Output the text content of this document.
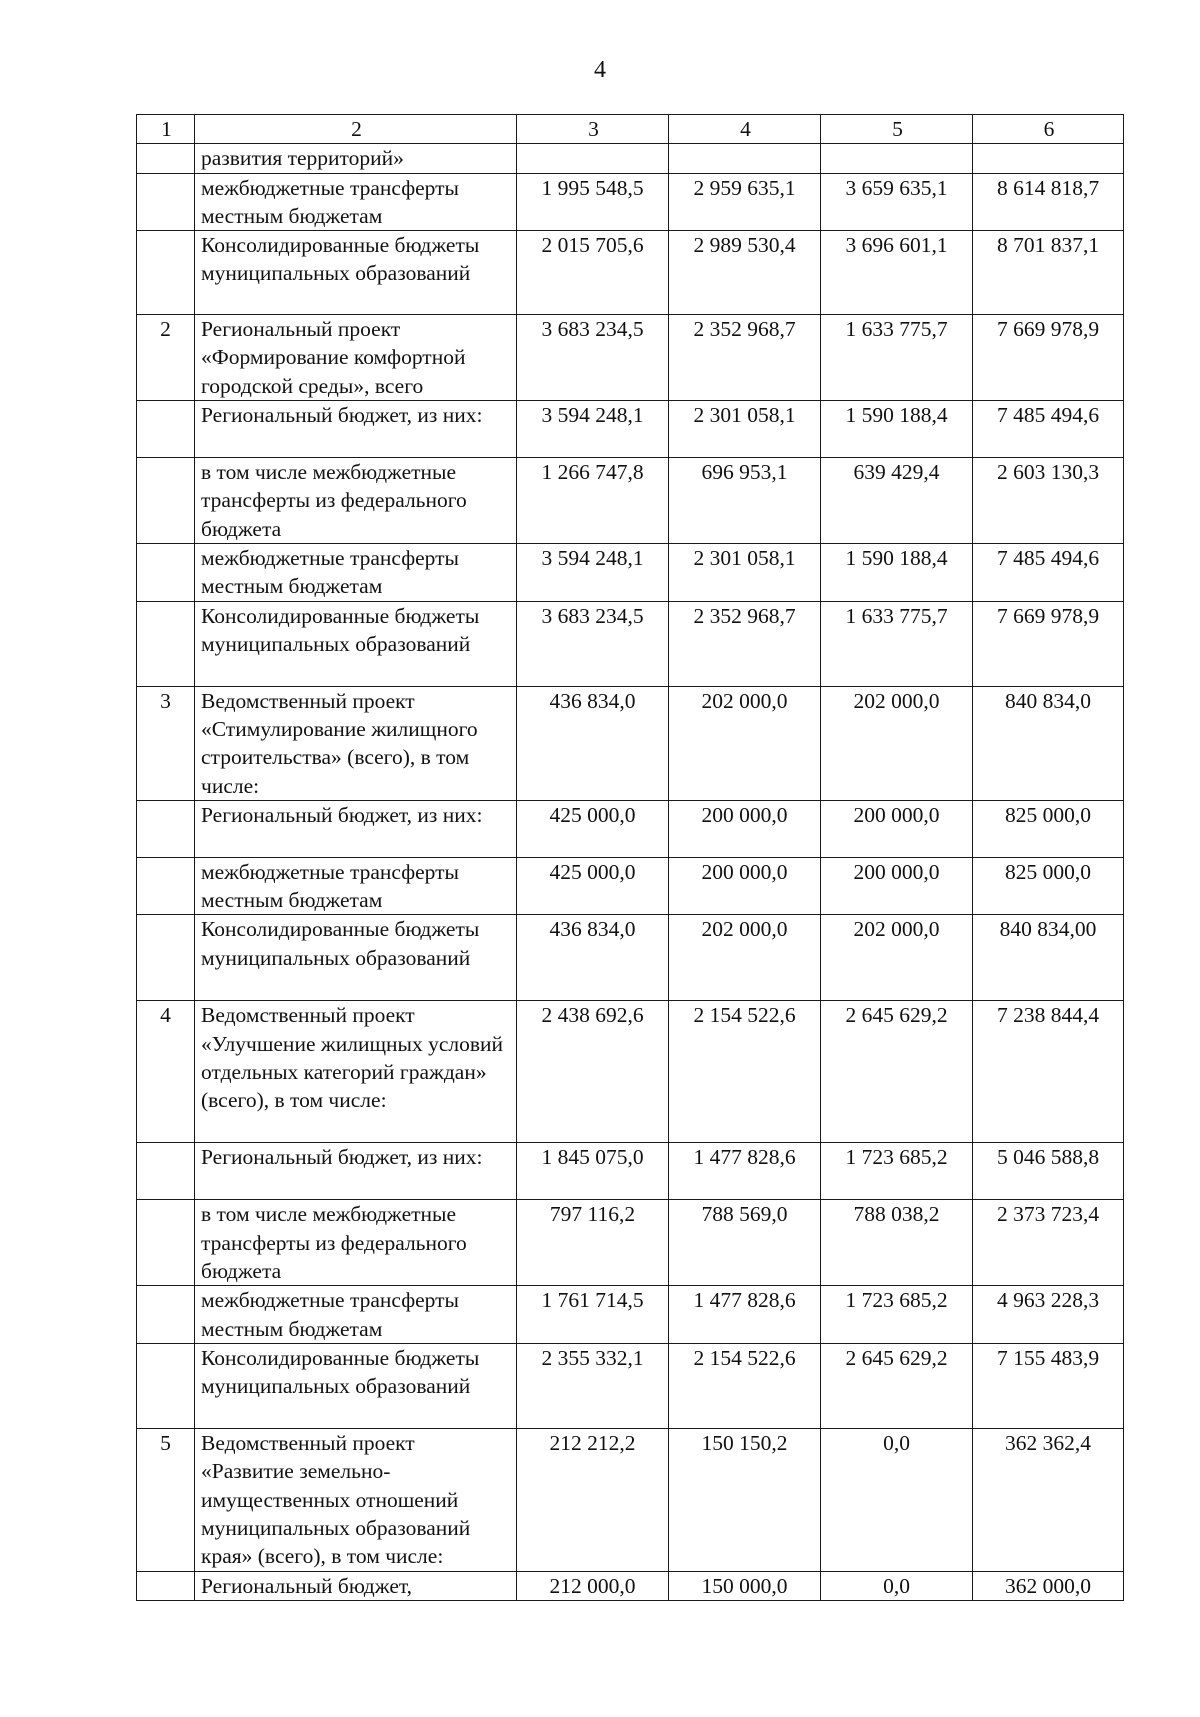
4
1	2	3	4	5	6
	развития территорий»				
	межбюджетные трансферты местным бюджетам	1 995 548,5	2 959 635,1	3 659 635,1	8 614 818,7
	Консолидированные бюджеты муниципальных образований	2 015 705,6	2 989 530,4	3 696 601,1	8 701 837,1
2	Региональный проект «Формирование комфортной городской среды», всего	3 683 234,5	2 352 968,7	1 633 775,7	7 669 978,9
	Региональный бюджет, из них:	3 594 248,1	2 301 058,1	1 590 188,4	7 485 494,6
	в том числе межбюджетные трансферты из федерального бюджета	1 266 747,8	696 953,1	639 429,4	2 603 130,3
	межбюджетные трансферты местным бюджетам	3 594 248,1	2 301 058,1	1 590 188,4	7 485 494,6
	Консолидированные бюджеты муниципальных образований	3 683 234,5	2 352 968,7	1 633 775,7	7 669 978,9
3	Ведомственный проект «Стимулирование жилищного строительства» (всего), в том числе:	436 834,0	202 000,0	202 000,0	840 834,0
	Региональный бюджет, из них:	425 000,0	200 000,0	200 000,0	825 000,0
	межбюджетные трансферты местным бюджетам	425 000,0	200 000,0	200 000,0	825 000,0
	Консолидированные бюджеты муниципальных образований	436 834,0	202 000,0	202 000,0	840 834,00
4	Ведомственный проект «Улучшение жилищных условий отдельных категорий граждан» (всего), в том числе:	2 438 692,6	2 154 522,6	2 645 629,2	7 238 844,4
	Региональный бюджет, из них:	1 845 075,0	1 477 828,6	1 723 685,2	5 046 588,8
	в том числе межбюджетные трансферты из федерального бюджета	797 116,2	788 569,0	788 038,2	2 373 723,4
	межбюджетные трансферты местным бюджетам	1 761 714,5	1 477 828,6	1 723 685,2	4 963 228,3
	Консолидированные бюджеты муниципальных образований	2 355 332,1	2 154 522,6	2 645 629,2	7 155 483,9
5	Ведомственный проект «Развитие земельно-имущественных отношений муниципальных образований края» (всего), в том числе:	212 212,2	150 150,2	0,0	362 362,4
	Региональный бюджет,	212 000,0	150 000,0	0,0	362 000,0
